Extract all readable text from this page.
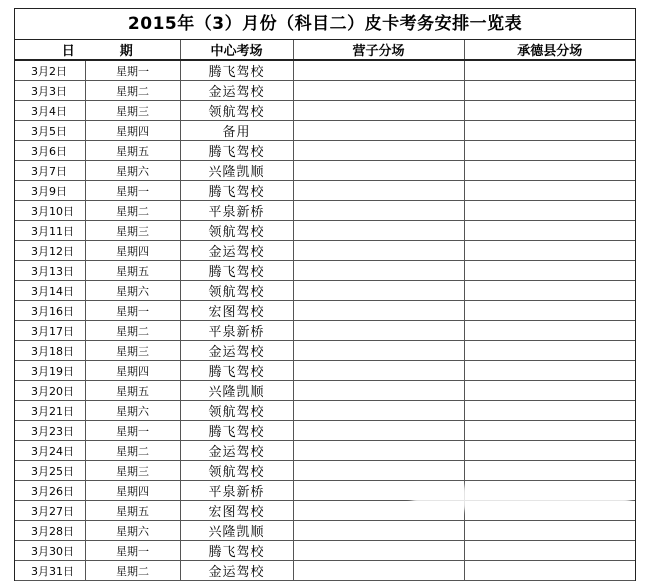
2015年（3）月份（科目二）皮卡考务安排一览表
日 期		中心考场	营子分场	承德县分场
3月2日	星期一	腾飞驾校		
3月3日	星期二	金运驾校		
3月4日	星期三	领航驾校		
3月5日	星期四	备用		
3月6日	星期五	腾飞驾校		
3月7日	星期六	兴隆凯顺		
3月9日	星期一	腾飞驾校		
3月10日	星期二	平泉新桥		
3月11日	星期三	领航驾校		
3月12日	星期四	金运驾校		
3月13日	星期五	腾飞驾校		
3月14日	星期六	领航驾校		
3月16日	星期一	宏图驾校		
3月17日	星期二	平泉新桥		
3月18日	星期三	金运驾校		
3月19日	星期四	腾飞驾校		
3月20日	星期五	兴隆凯顺		
3月21日	星期六	领航驾校		
3月23日	星期一	腾飞驾校		
3月24日	星期二	金运驾校		
3月25日	星期三	领航驾校		
3月26日	星期四	平泉新桥		
3月27日	星期五	宏图驾校		
3月28日	星期六	兴隆凯顺		
3月30日	星期一	腾飞驾校		
3月31日	星期二	金运驾校		
